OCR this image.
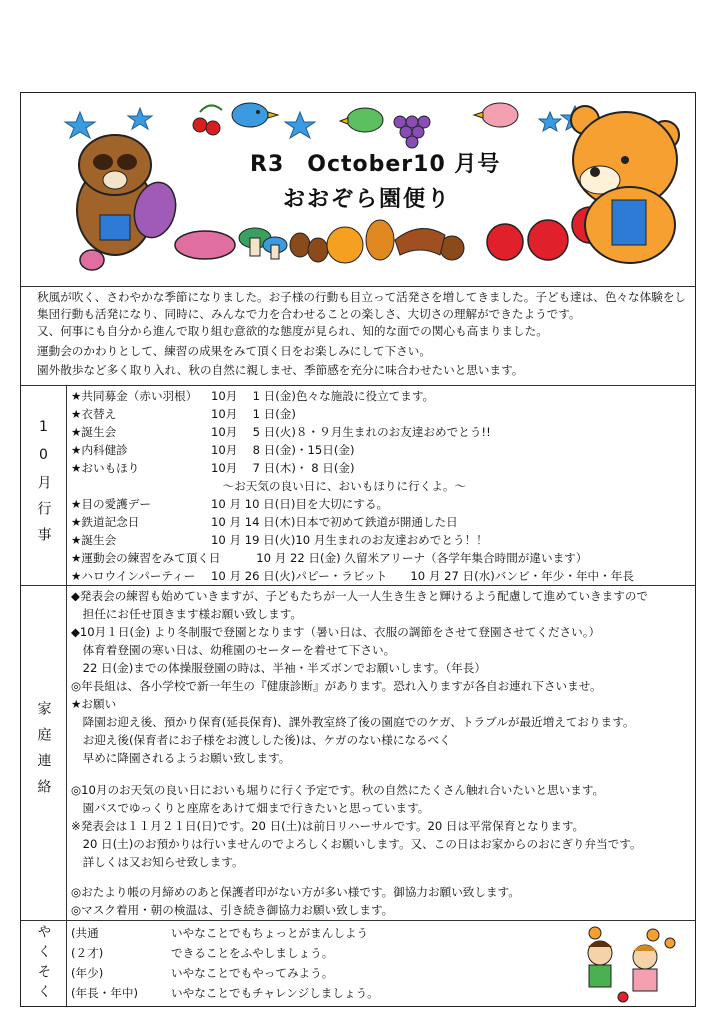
R3　October10 月号
おおぞら園便り
秋風が吹く、さわやかな季節になりました。お子様の行動も目立って活発さを増してきました。子ども達は、色々な体験をし
集団行動も活発になり、同時に、みんなで力を合わせることの楽しさ、大切さの理解ができたようです。
又、何事にも自分から進んで取り組む意欲的な態度が見られ、知的な面での関心も高まりました。
運動会のかわりとして、練習の成果をみて頂く日をお楽しみにして下さい。
園外散歩など多く取り入れ、秋の自然に親しませ、季節感を充分に味合わせたいと思います。
10月行事
★共同募金（赤い羽根） 10月　 1 日(金)色々な施設に役立てます。
★衣替え	10月　 1 日(金)
★誕生会	10月　 5 日(火)８・９月生まれのお友達おめでとう!!
★内科健診	10月　 8 日(金)・15日(金)
★おいもほり	10月　 7 日(木)・ 8 日(金)
　～お天気の良い日に、おいもほりに行くよ。～
★目の愛護デー	10 月 10 日(日)目を大切にする。
★鉄道記念日	10 月 14 日(木)日本で初めて鉄道が開通した日
★誕生会	10 月 19 日(火)10 月生まれのお友達おめでとう！！
★運動会の練習をみて頂く日 　 10 月 22 日(金) 久留米アリーナ（各学年集合時間が違います）
★ハロウインパーティー 10 月 26 日(火)パピー・ラビット　　10 月 27 日(水)バンビ・年少・年中・年長
家庭連絡
◆発表会の練習も始めていきますが、子どもたちが一人一人生き生きと輝けるよう配慮して進めていきますので
　担任にお任せ頂きます様お願い致します。
◆10月１日(金) より冬制服で登園となります（暑い日は、衣服の調節をさせて登園させてください。）
　体育着登園の寒い日は、幼稚園のセーターを着せて下さい。
　22 日(金)までの体操服登園の時は、半袖・半ズボンでお願いします。（年長）
◎年長組は、各小学校で新一年生の『健康診断』があります。恐れ入りますが各自お連れ下さいませ。
★お願い
　降園お迎え後、預かり保育(延長保育)、課外教室終了後の園庭でのケガ、トラブルが最近増えております。
　お迎え後(保育者にお子様をお渡しした後)は、ケガのない様になるべく
　早めに降園されるようお願い致します。
◎10月のお天気の良い日においも堀りに行く予定です。秋の自然にたくさん触れ合いたいと思います。
　園バスでゆっくりと座席をあけて畑まで行きたいと思っています。
※発表会は１１月２１日(日)です。20 日(土)は前日リハーサルです。20 日は平常保育となります。
　20 日(土)のお預かりは行いませんのでよろしくお願いします。又、この日はお家からのおにぎり弁当です。
　詳しくは又お知らせ致します。
◎おたより帳の月締めのあと保護者印がない方が多い様です。御協力お願い致します。
◎マスク着用・朝の検温は、引き続き御協力お願い致します。
やくそく (共通	いやなことでもちょっとがまんしよう
(２才)	できることをふやしましょう。
(年少)	いやなことでもやってみよう。
(年長・年中)	いやなことでもチャレンジしましょう。
